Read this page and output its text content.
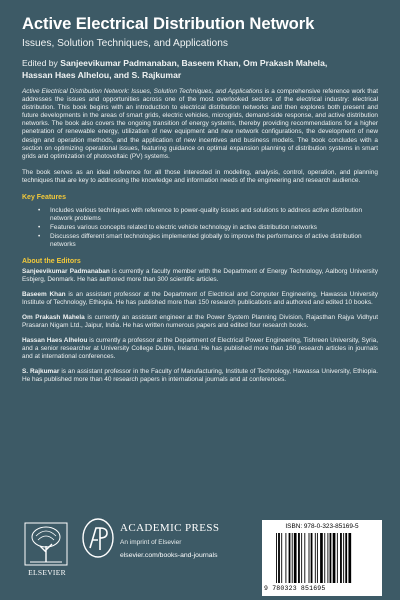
Active Electrical Distribution Network
Issues, Solution Techniques, and Applications
Edited by Sanjeevikumar Padmanaban, Baseem Khan, Om Prakash Mahela,
Hassan Haes Alhelou, and S. Rajkumar

Active Electrical Distribution Network: Issues, Solution Techniques, and Applications is a comprehensive reference work that addresses the issues and opportunities across one of the most overlooked sectors of the electrical industry: electrical distribution. This book begins with an introduction to electrical distribution networks and then explores both present and future developments in the areas of smart grids, electric vehicles, microgrids, demand-side response, and active distribution networks. The book also covers the ongoing transition of energy systems, thereby providing recommendations for a higher penetration of renewable energy, utilization of new equipment and new network configurations, the development of new design and operation methods, and the application of new incentives and business models. The book concludes with a section on optimizing operational issues, featuring guidance on optimal expansion planning of distribution systems in smart grids and optimization of photovoltaic (PV) systems.

The book serves as an ideal reference for all those interested in modeling, analysis, control, operation, and planning techniques that are key to addressing the knowledge and information needs of the engineering and research audience.

Key Features
• Includes various techniques with reference to power-quality issues and solutions to address active distribution network problems
• Features various concepts related to electric vehicle technology in active distribution networks
• Discusses different smart technologies implemented globally to improve the performance of active distribution networks
About the Editors

Sanjeevikumar Padmanaban is currently a faculty member with the Department of Energy Technology, Aalborg University Esbjerg, Denmark. He has authored more than 300 scientific articles.

Baseem Khan is an assistant professor at the Department of Electrical and Computer Engineering, Hawassa University Institute of Technology, Ethiopia. He has published more than 150 research publications and authored and edited 10 books.

Om Prakash Mahela is currently an assistant engineer at the Power System Planning Division, Rajasthan Rajya Vidhyut Prasaran Nigam Ltd., Jaipur, India. He has written numerous papers and edited four research books.

Hassan Haes Alhelou is currently a professor at the Department of Electrical Power Engineering, Tishreen University, Syria, and a senior researcher at University College Dublin, Ireland. He has published more than 160 research articles in journals and at international conferences.

S. Rajkumar is an assistant professor in the Faculty of Manufacturing, Institute of Technology, Hawassa University, Ethiopia. He has published more than 40 research papers in international journals and at conferences.

ELSEVIER
ACADEMIC PRESS
An imprint of Elsevier
elsevier.com/books-and-journals
ISBN: 978-0-323-85169-5
9 780323 851695
